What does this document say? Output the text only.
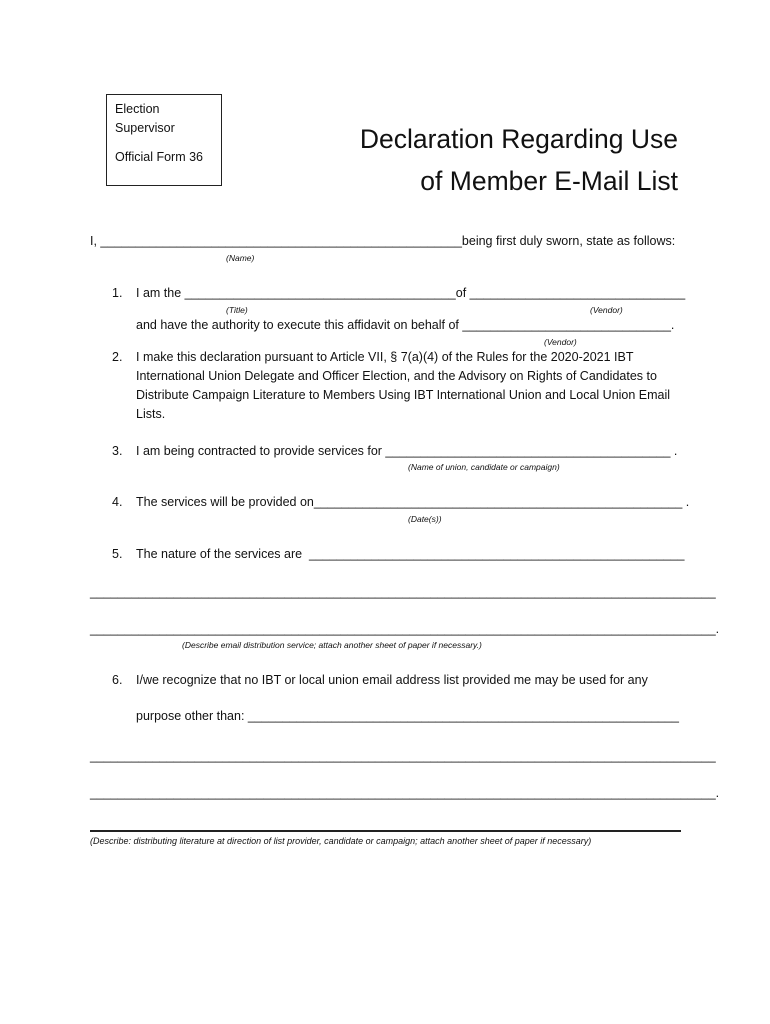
Election
Supervisor
Official Form 36
Declaration Regarding Use
of Member E-Mail List
I, ____________________________________________________being first duly sworn, state as follows:
(Name)
1. I am the _______________________________________of _______________________________
(Title)	(Vendor)
and have the authority to execute this affidavit on behalf of ______________________________.
(Vendor)
2. I make this declaration pursuant to Article VII, § 7(a)(4) of the Rules for the 2020-2021 IBT
International Union Delegate and Officer Election, and the Advisory on Rights of Candidates to
Distribute Campaign Literature to Members Using IBT International Union and Local Union Email
Lists.
3. I am being contracted to provide services for _________________________________________ .
(Name of union, candidate or campaign)
4. The services will be provided on_____________________________________________________ .
(Date(s))
5. The nature of the services are  ______________________________________________________
__________________________________________________________________________________________
__________________________________________________________________________________________.
(Describe email distribution service; attach another sheet of paper if necessary.)
6. I/we recognize that no IBT or local union email address list provided me may be used for any
purpose other than: ______________________________________________________________
__________________________________________________________________________________________
__________________________________________________________________________________________.
(Describe: distributing literature at direction of list provider, candidate or campaign; attach another sheet of paper if necessary)
